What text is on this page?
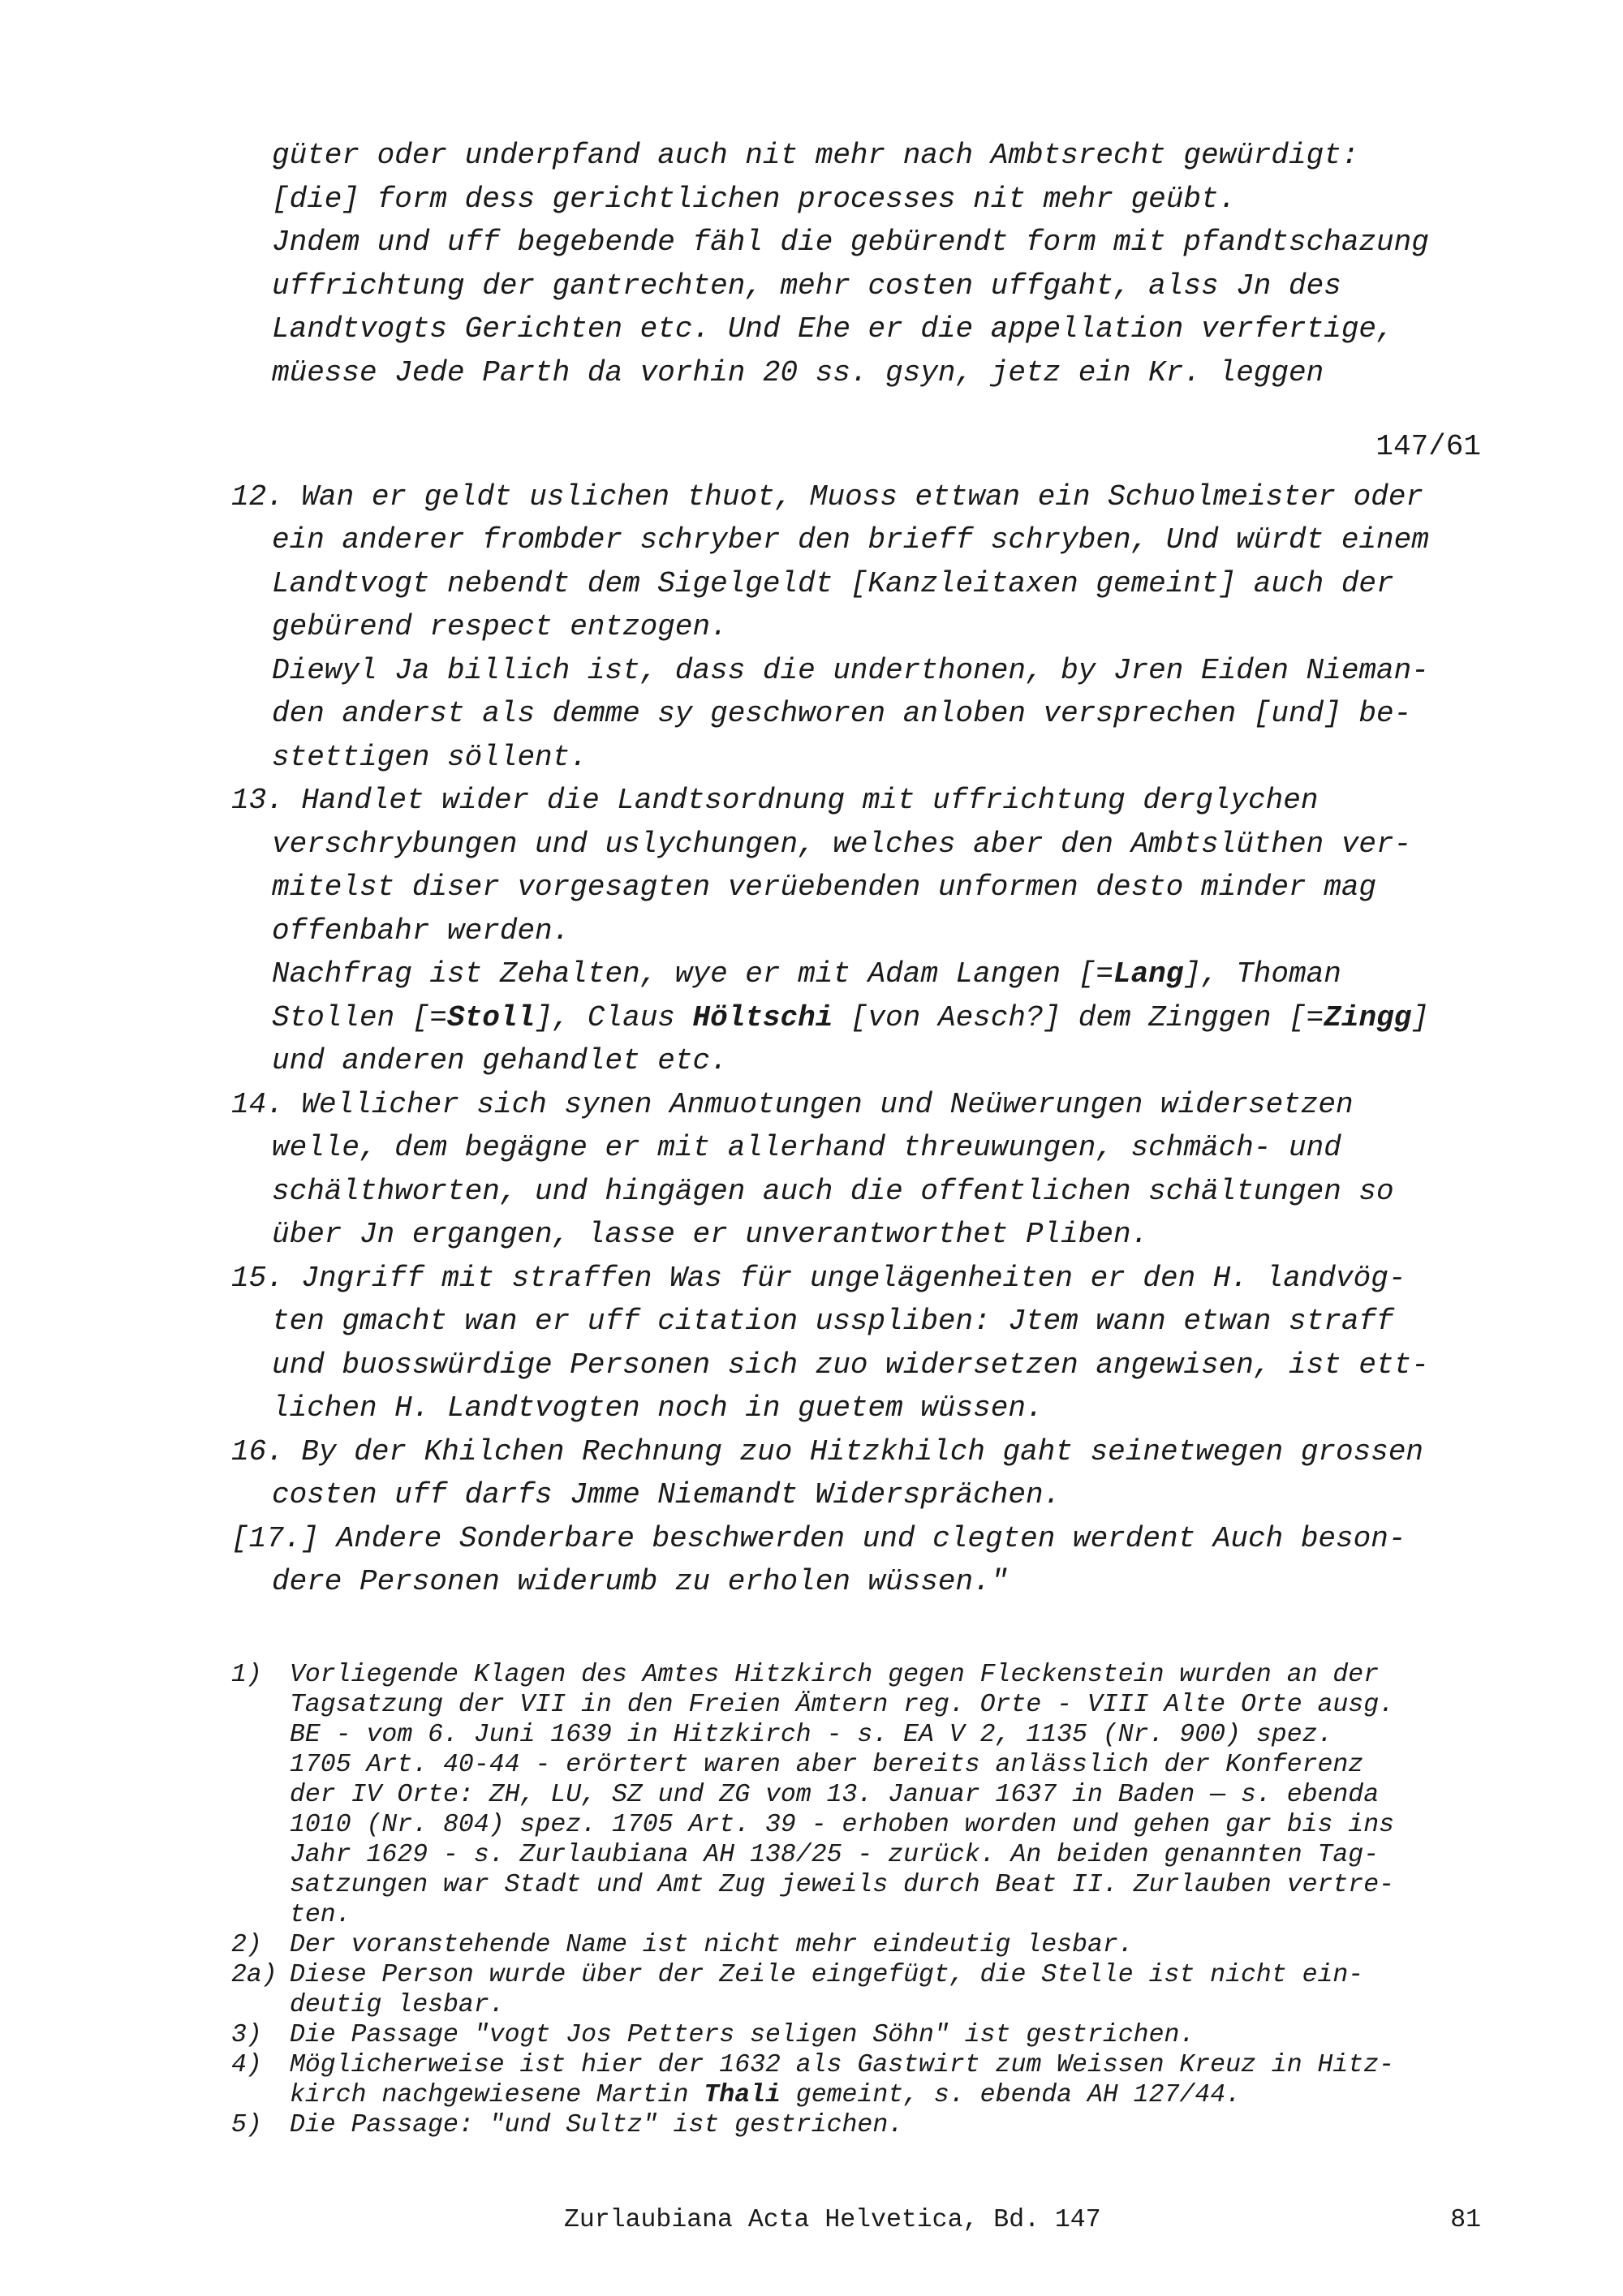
güter oder underpfand auch nit mehr nach Ambtsrecht gewürdigt:
[die] form dess gerichtlichen processes nit mehr geübt.
Jndem und uff begebende fähl die gebürendt form mit pfandtschazung
uffrichtung der gantrechten, mehr costen uffgaht, alss Jn des
Landtvogts Gerichten etc. Und Ehe er die appellation verfertige,
müesse Jede Parth da vorhin 20 ss. gsyn, jetz ein Kr. leggen
147/61
12. Wan er geldt uslichen thuot, Muoss ettwan ein Schuolmeister oder
ein anderer frombder schryber den brieff schryben, Und würdt einem
Landtvogt nebendt dem Sigelgeldt [Kanzleitaxen gemeint] auch der
gebürend respect entzogen.
Diewyl Ja billich ist, dass die underthonen, by Jren Eiden Nieman-
den anderst als demme sy geschworen anloben versprechen [und] be-
stettigen söllent.
13. Handlet wider die Landtsordnung mit uffrichtung derglychen
verschrybungen und uslychungen, welches aber den Ambtslüthen ver-
mitelst diser vorgesagten verüebenden unformen desto minder mag
offenbahr werden.
Nachfrag ist Zehalten, wye er mit Adam Langen [=Lang], Thoman
Stollen [=Stoll], Claus Höltschi [von Aesch?] dem Zinggen [=Zingg]
und anderen gehandlet etc.
14. Wellicher sich synen Anmuotungen und Neüwerungen widersetzen
welle, dem begägne er mit allerhand threuwungen, schmäch- und
schälthworten, und hingägen auch die offentlichen schältungen so
über Jn ergangen, lasse er unverantworthet Pliben.
15. Jngriff mit straffen Was für ungelägenheiten er den H. landvög-
ten gmacht wan er uff citation usspliben: Jtem wann etwan straff
und buosswürdige Personen sich zuo widersetzen angewisen, ist ett-
lichen H. Landtvogten noch in guetem wüssen.
16. By der Khilchen Rechnung zuo Hitzkhilch gaht seinetwegen grossen
costen uff darfs Jmme Niemandt Widersprächen.
[17.] Andere Sonderbare beschwerden und clegten werdent Auch beson-
dere Personen widerumb zu erholen wüssen."
1)	Vorliegende Klagen des Amtes Hitzkirch gegen Fleckenstein wurden an der
Tagsatzung der VII in den Freien Ämtern reg. Orte - VIII Alte Orte ausg.
BE - vom 6. Juni 1639 in Hitzkirch - s. EA V 2, 1135 (Nr. 900) spez.
1705 Art. 40-44 - erörtert waren aber bereits anlässlich der Konferenz
der IV Orte: ZH, LU, SZ und ZG vom 13. Januar 1637 in Baden — s. ebenda
1010 (Nr. 804) spez. 1705 Art. 39 - erhoben worden und gehen gar bis ins
Jahr 1629 - s. Zurlaubiana AH 138/25 - zurück. An beiden genannten Tag-
satzungen war Stadt und Amt Zug jeweils durch Beat II. Zurlauben vertre-
ten.
2)	Der voranstehende Name ist nicht mehr eindeutig lesbar.
2a) Diese Person wurde über der Zeile eingefügt, die Stelle ist nicht ein-
deutig lesbar.
3)	Die Passage "vogt Jos Petters seligen Söhn" ist gestrichen.
4)	Möglicherweise ist hier der 1632 als Gastwirt zum Weissen Kreuz in Hitz-
kirch nachgewiesene Martin Thali gemeint, s. ebenda AH 127/44.
5)	Die Passage: "und Sultz" ist gestrichen.
Zurlaubiana Acta Helvetica, Bd. 147	81
